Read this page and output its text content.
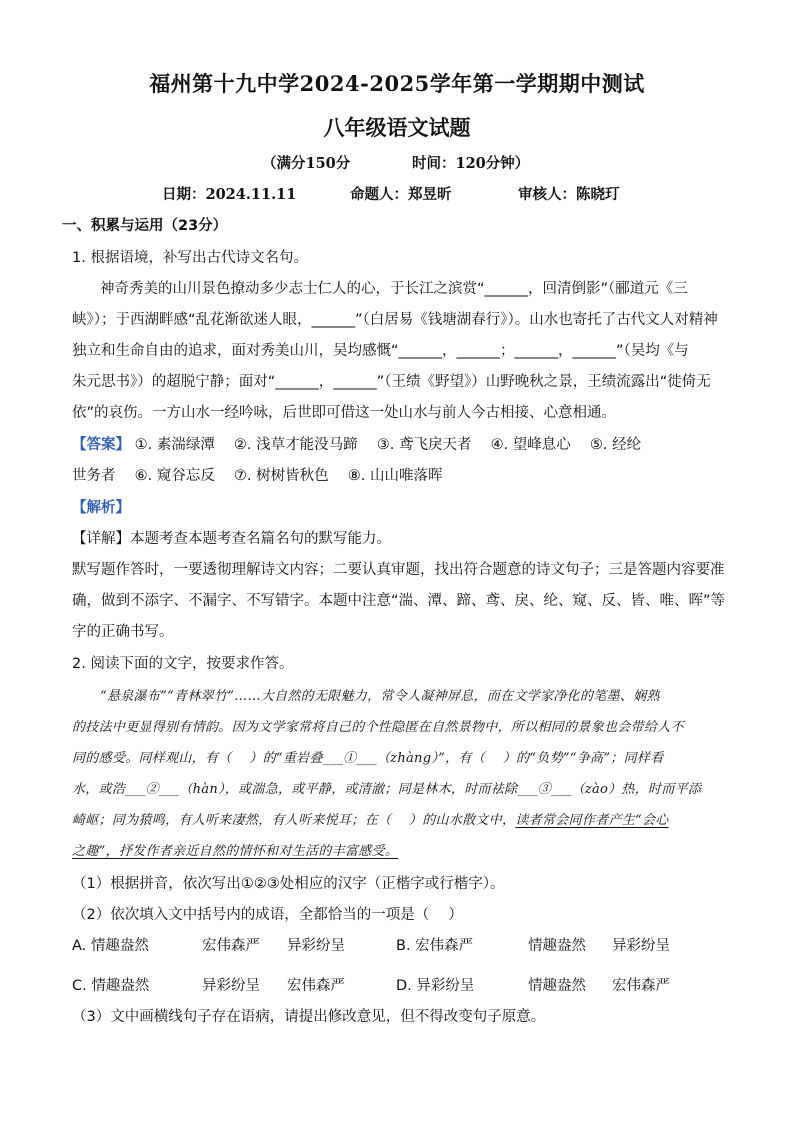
福州第十九中学2024-2025学年第一学期期中测试
八年级语文试题
（满分150分	时间：120分钟）
日期：2024.11.11	命题人：郑昱昕	审核人：陈晓玎
一、积累与运用（23分）
1. 根据语境，补写出古代诗文名句。
神奇秀美的山川景色撩动多少志士仁人的心，于长江之滨赏“______，回清倒影”（郦道元《三
峡》）；于西湖畔感“乱花渐欲迷人眼，______”（白居易《钱塘湖春行》）。山水也寄托了古代文人对精神
独立和生命自由的追求，面对秀美山川，吴均感慨“______，______；______，______”（吴均《与
朱元思书》）的超脱宁静；面对“______，______”（王绩《野望》）山野晚秋之景，王绩流露出“徙倚无
依”的哀伤。一方山水一经吟咏，后世即可借这一处山水与前人今古相接、心意相通。
【答案】 ①. 素湍绿潭　 ②. 浅草才能没马蹄　 ③. 鸢飞戾天者　 ④. 望峰息心　 ⑤. 经纶
世务者　 ⑥. 窥谷忘反　 ⑦. 树树皆秋色　 ⑧. 山山唯落晖
【解析】
【详解】本题考查本题考查名篇名句的默写能力。
默写题作答时，一要透彻理解诗文内容；二要认真审题，找出符合题意的诗文句子；三是答题内容要准
确，做到不添字、不漏字、不写错字。本题中注意“湍、潭、蹄、鸢、戾、纶、窥、反、皆、唯、晖”等
字的正确书写。
2. 阅读下面的文字，按要求作答。
“悬泉瀑布”“青林翠竹”……大自然的无限魅力，常令人凝神屏息，而在文学家净化的笔墨、娴熟
的技法中更显得别有情韵。因为文学家常将自己的个性隐匿在自然景物中，所以相同的景象也会带给人不
同的感受。同样观山，有（　 ）的“重岩叠___①___（zhàng）”，有（　 ）的“负势”“争高”；同样看
水，或浩___②___（hàn），或湍急，或平静，或清澈；同是林木，时而祛除___③___（zào）热，时而平添
崎岖；同为猿鸣，有人听来凄然，有人听来悦耳；在（　 ）的山水散文中，读者常会同作者产生“会心
之趣”，抒发作者亲近自然的情怀和对生活的丰富感受。
（1）根据拼音，依次写出①②③处相应的汉字（正楷字或行楷字）。
（2）依次填入文中括号内的成语，全都恰当的一项是（　 ）
A. 情趣盎然	宏伟森严 异彩纷呈	B. 宏伟森严	情趣盎然 异彩纷呈
C. 情趣盎然	异彩纷呈 宏伟森严	D. 异彩纷呈	情趣盎然 宏伟森严
（3）文中画横线句子存在语病，请提出修改意见，但不得改变句子原意。
